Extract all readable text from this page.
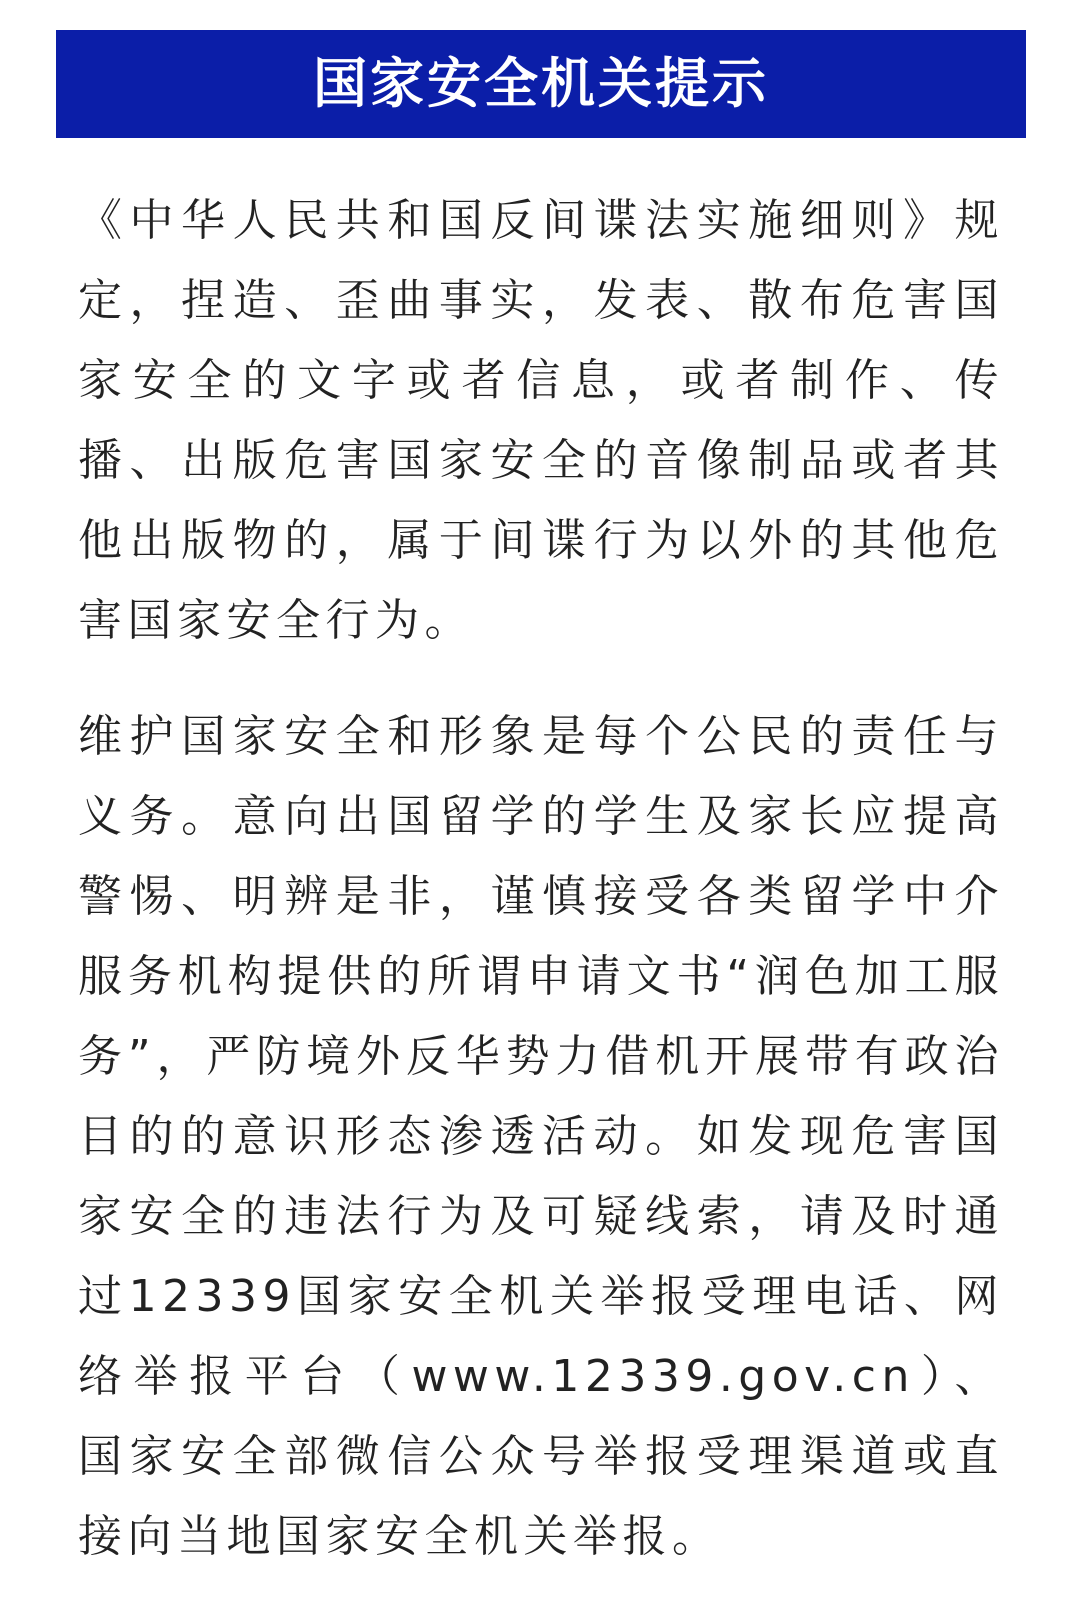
国家安全机关提示

《中华人民共和国反间谍法实施细则》规定，捏造、歪曲事实，发表、散布危害国家安全的文字或者信息，或者制作、传播、出版危害国家安全的音像制品或者其他出版物的，属于间谍行为以外的其他危害国家安全行为。

维护国家安全和形象是每个公民的责任与义务。意向出国留学的学生及家长应提高警惕、明辨是非，谨慎接受各类留学中介服务机构提供的所谓申请文书“润色加工服务”，严防境外反华势力借机开展带有政治目的的意识形态渗透活动。如发现危害国家安全的违法行为及可疑线索，请及时通过12339国家安全机关举报受理电话、网络举报平台（www.12339.gov.cn）、国家安全部微信公众号举报受理渠道或直接向当地国家安全机关举报。
